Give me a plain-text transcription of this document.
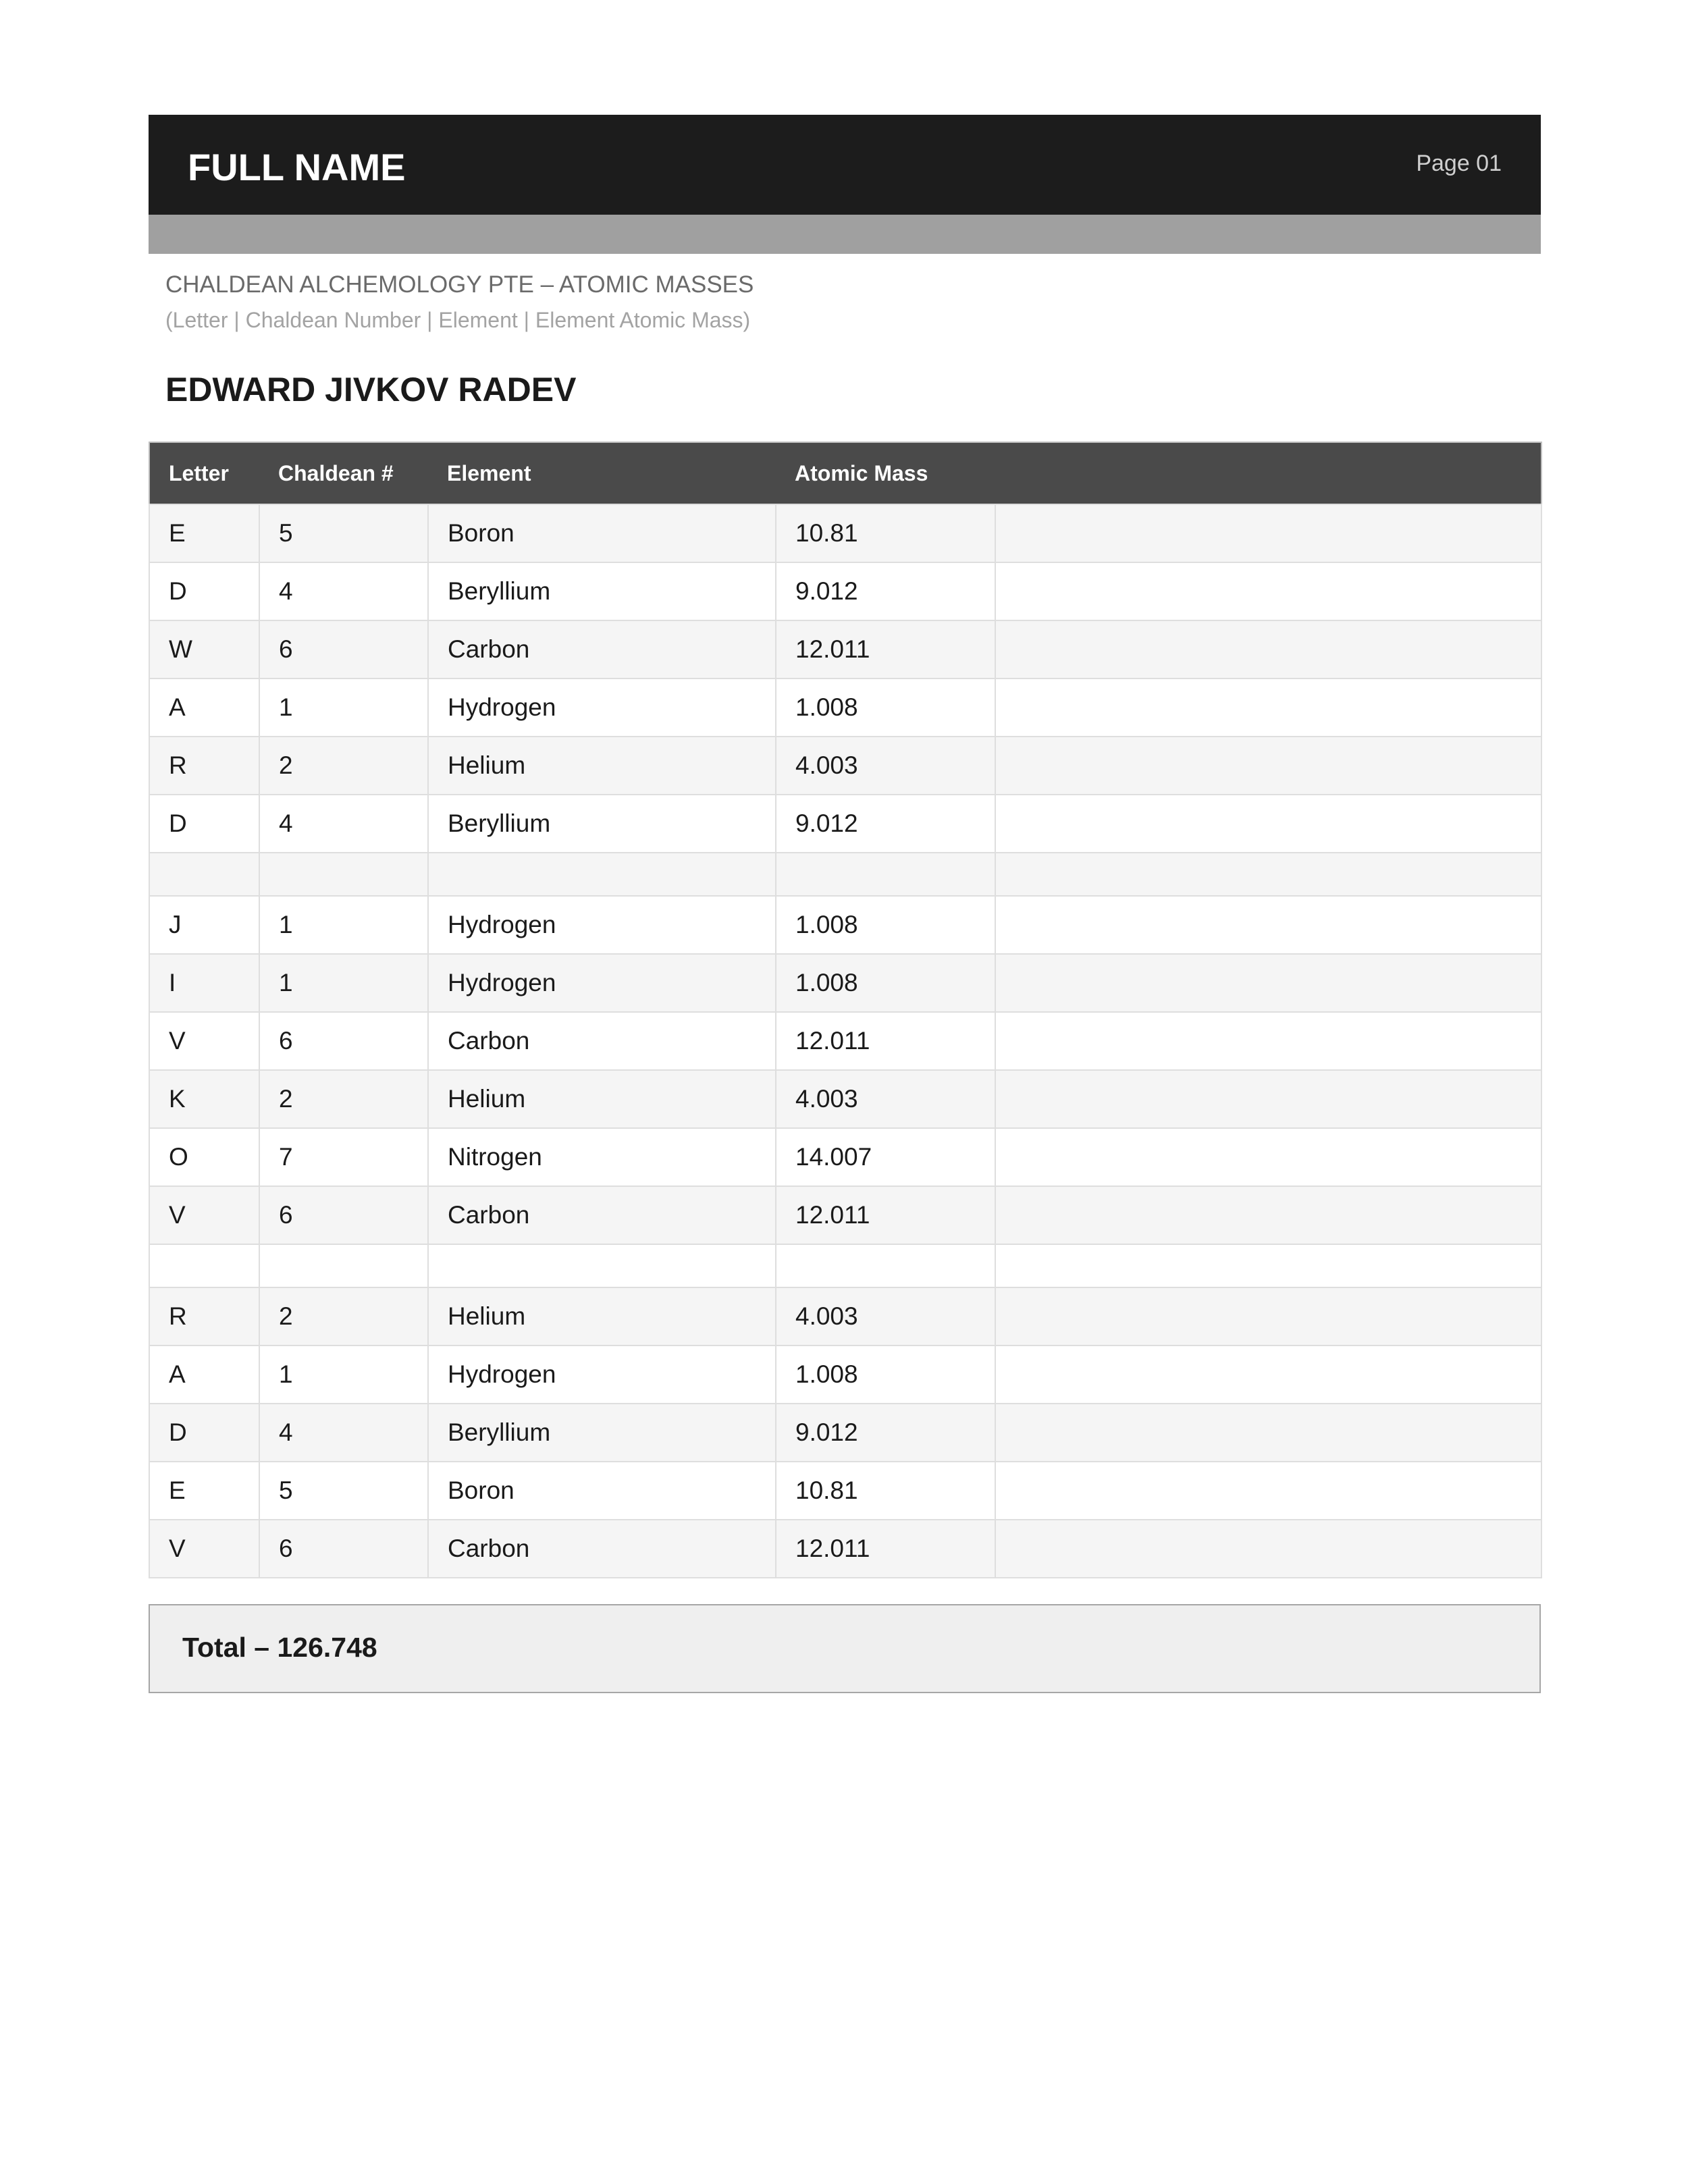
FULL NAME	Page 01
CHALDEAN ALCHEMOLOGY PTE – ATOMIC MASSES
(Letter | Chaldean Number | Element | Element Atomic Mass)
EDWARD JIVKOV RADEV
Letter	Chaldean #	Element	Atomic Mass	
E	5	Boron	10.81	
D	4	Beryllium	9.012	
W	6	Carbon	12.011	
A	1	Hydrogen	1.008	
R	2	Helium	4.003	
D	4	Beryllium	9.012	

J	1	Hydrogen	1.008	
I	1	Hydrogen	1.008	
V	6	Carbon	12.011	
K	2	Helium	4.003	
O	7	Nitrogen	14.007	
V	6	Carbon	12.011	

R	2	Helium	4.003	
A	1	Hydrogen	1.008	
D	4	Beryllium	9.012	
E	5	Boron	10.81	
V	6	Carbon	12.011	
Total – 126.748
